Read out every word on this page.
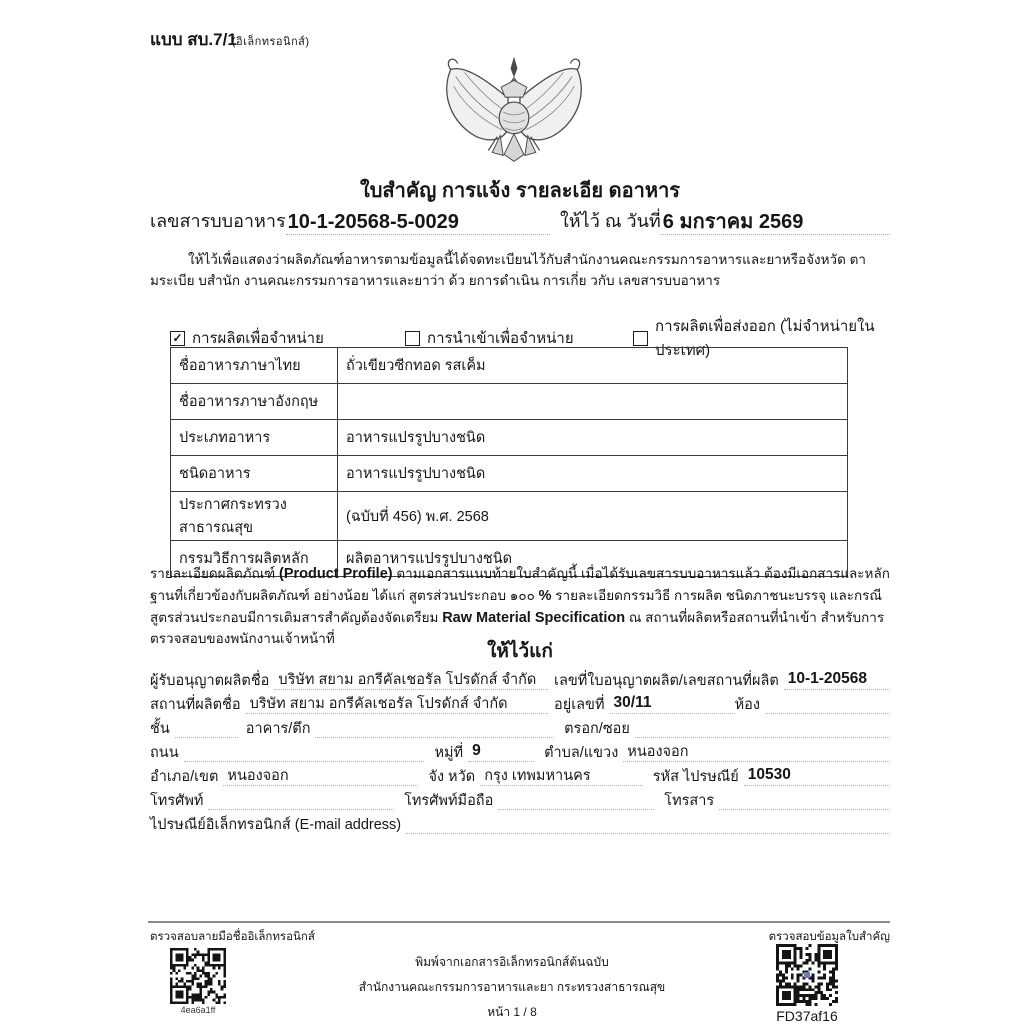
แบบ สบ.7/1(อิเล็กทรอนิกส์)
ใบสำคัญ การแจ้ง รายละเอีย ดอาหาร
เลขสารบบอาหาร 10-1-20568-5-0029	ให้ไว้ ณ วันที่ 6 มกราคม 2569
ให้ไว้เพื่อแสดงว่าผลิตภัณฑ์อาหารตามข้อมูลนี้ได้จดทะเบียนไว้กับสำนักงานคณะกรรมการอาหารและยาหรือจังหวัด ตามระเบีย บสำนัก งานคณะกรรมการอาหารและยาว่า ด้ว ยการดำเนิน การเกี่ย วกับ เลขสารบบอาหาร
✓ การผลิตเพื่อจำหน่าย	การนำเข้าเพื่อจำหน่าย
การผลิตเพื่อส่งออก (ไม่จำหน่ายในประเทศ)
ชื่ออาหารภาษาไทย	ถั่วเขียวซีกทอด รสเค็ม
ชื่ออาหารภาษาอังกฤษ	
ประเภทอาหาร	อาหารแปรรูปบางชนิด
ชนิดอาหาร	อาหารแปรรูปบางชนิด
ประกาศกระทรวงสาธารณสุข	(ฉบับที่ 456) พ.ศ. 2568
กรรมวิธีการผลิตหลัก	ผลิตอาหารแปรรูปบางชนิด
รายละเอียดผลิตภัณฑ์ (Product Profile) ตามเอกสารแนบท้ายใบสำคัญนี้ เมื่อได้รับเลขสารบบอาหารแล้ว ต้องมีเอกสารและหลักฐานที่เกี่ยวข้องกับผลิตภัณฑ์ อย่างน้อย ได้แก่ สูตรส่วนประกอบ ๑๐๐ % รายละเอียดกรรมวิธี การผลิต ชนิดภาชนะบรรจุ และกรณีสูตรส่วนประกอบมีการเติมสารสำคัญต้องจัดเตรียม Raw Material Specification ณ สถานที่ผลิตหรือสถานที่นำเข้า สำหรับการตรวจสอบของพนักงานเจ้าหน้าที่
ให้ไว้แก่
ผู้รับอนุญาตผลิตชื่อ บริษัท สยาม อกรีคัลเชอรัล โปรดักส์ จำกัด	เลขที่ใบอนุญาตผลิต/เลขสถานที่ผลิต 10-1-20568
สถานที่ผลิตชื่อ บริษัท สยาม อกรีคัลเชอรัล โปรดักส์ จำกัด	อยู่เลขที่ 30/11	ห้อง
ชั้น	อาคาร/ตึก	ตรอก/ซอย
ถนน	หมู่ที่ 9	ตำบล/แขวง หนองจอก
อำเภอ/เขต หนองจอก	จัง หวัด กรุง เทพมหานคร	รหัส ไปรษณีย์ 10530
โทรศัพท์	โทรศัพท์มือถือ	โทรสาร
ไปรษณีย์อิเล็กทรอนิกส์ (E-mail address)
ตรวจสอบลายมือชื่ออิเล็กทรอนิกส์	ตรวจสอบข้อมูลใบสำคัญ
4ea6a1ff	FD37af16
พิมพ์จากเอกสารอิเล็กทรอนิกส์ต้นฉบับ
สำนักงานคณะกรรมการอาหารและยา กระทรวงสาธารณสุข
หน้า 1 / 8
